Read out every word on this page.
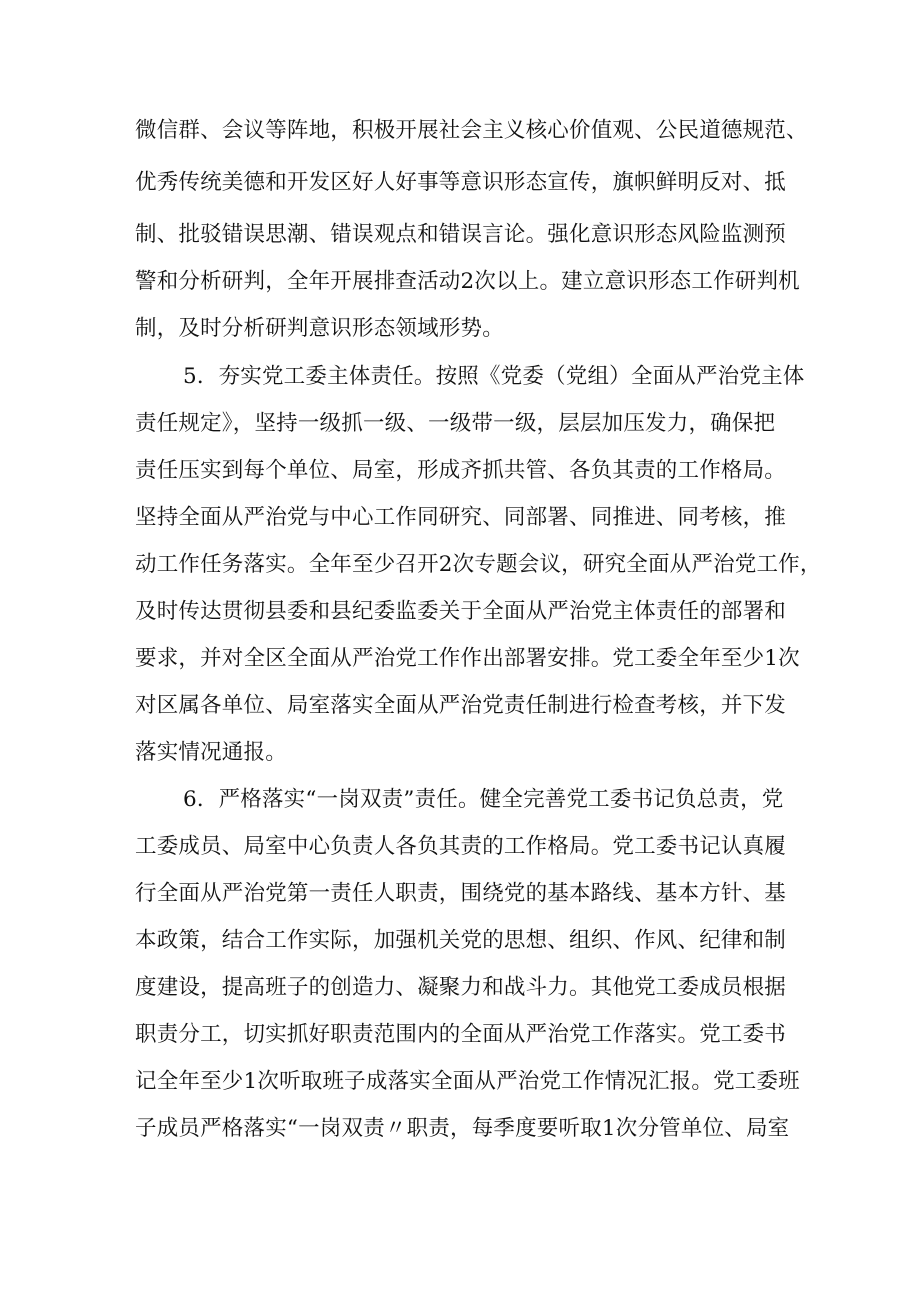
微信群、会议等阵地，积极开展社会主义核心价值观、公民道德规范、
优秀传统美德和开发区好人好事等意识形态宣传，旗帜鲜明反对、抵
制、批驳错误思潮、错误观点和错误言论。强化意识形态风险监测预
警和分析研判，全年开展排查活动2次以上。建立意识形态工作研判机
制，及时分析研判意识形态领域形势。
5．夯实党工委主体责任。按照《党委（党组）全面从严治党主体
责任规定》，坚持一级抓一级、一级带一级，层层加压发力，确保把
责任压实到每个单位、局室，形成齐抓共管、各负其责的工作格局。
坚持全面从严治党与中心工作同研究、同部署、同推进、同考核，推
动工作任务落实。全年至少召开2次专题会议，研究全面从严治党工作，
及时传达贯彻县委和县纪委监委关于全面从严治党主体责任的部署和
要求，并对全区全面从严治党工作作出部署安排。党工委全年至少1次
对区属各单位、局室落实全面从严治党责任制进行检查考核，并下发
落实情况通报。
6．严格落实“一岗双责”责任。健全完善党工委书记负总责，党
工委成员、局室中心负责人各负其责的工作格局。党工委书记认真履
行全面从严治党第一责任人职责，围绕党的基本路线、基本方针、基
本政策，结合工作实际，加强机关党的思想、组织、作风、纪律和制
度建设，提高班子的创造力、凝聚力和战斗力。其他党工委成员根据
职责分工，切实抓好职责范围内的全面从严治党工作落实。党工委书
记全年至少1次听取班子成落实全面从严治党工作情况汇报。党工委班
子成员严格落实“一岗双责〃职责，每季度要听取1次分管单位、局室
